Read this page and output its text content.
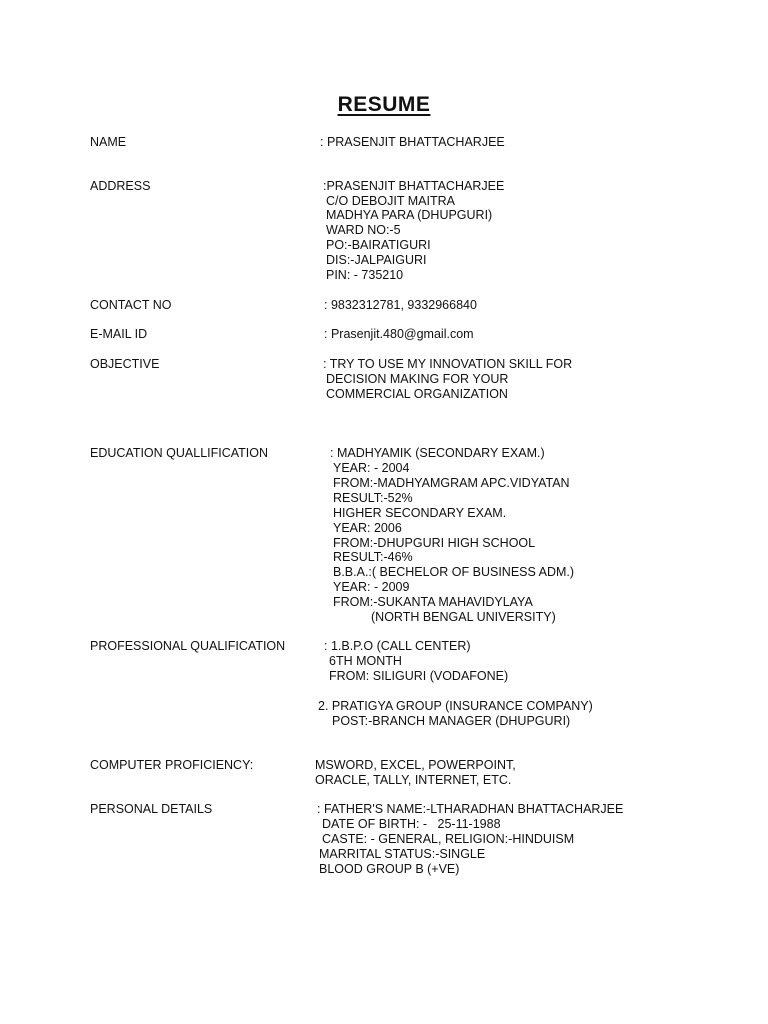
RESUME
NAME	: PRASENJIT BHATTACHARJEE
ADDRESS	:PRASENJIT BHATTACHARJEE
C/O DEBOJIT MAITRA
MADHYA PARA (DHUPGURI)
WARD NO:-5
PO:-BAIRATIGURI
DIS:-JALPAIGURI
PIN: - 735210
CONTACT NO	: 9832312781, 9332966840
E-MAIL ID	: Prasenjit.480@gmail.com
OBJECTIVE	: TRY TO USE MY INNOVATION SKILL FOR
DECISION MAKING FOR YOUR
COMMERCIAL ORGANIZATION
EDUCATION QUALLIFICATION	: MADHYAMIK (SECONDARY EXAM.)
YEAR: - 2004
FROM:-MADHYAMGRAM APC.VIDYATAN
RESULT:-52%
HIGHER SECONDARY EXAM.
YEAR: 2006
FROM:-DHUPGURI HIGH SCHOOL
RESULT:-46%
B.B.A.:( BECHELOR OF BUSINESS ADM.)
YEAR: - 2009
FROM:-SUKANTA MAHAVIDYLAYA
(NORTH BENGAL UNIVERSITY)
PROFESSIONAL QUALIFICATION	: 1.B.P.O (CALL CENTER)
6TH MONTH
FROM: SILIGURI (VODAFONE)
2. PRATIGYA GROUP (INSURANCE COMPANY)
POST:-BRANCH MANAGER (DHUPGURI)
COMPUTER PROFICIENCY:	MSWORD, EXCEL, POWERPOINT,
ORACLE, TALLY, INTERNET, ETC.
PERSONAL DETAILS	: FATHER'S NAME:-LTHARADHAN BHATTACHARJEE
DATE OF BIRTH: -   25-11-1988
CASTE: - GENERAL, RELIGION:-HINDUISM
MARRITAL STATUS:-SINGLE
BLOOD GROUP B (+VE)
